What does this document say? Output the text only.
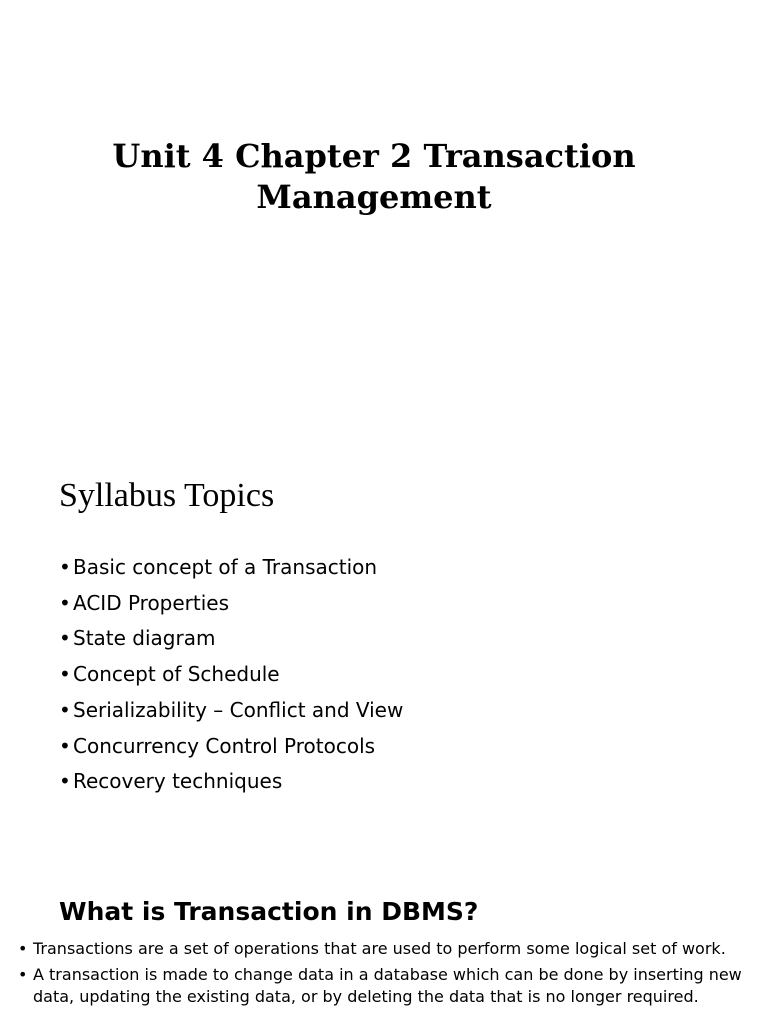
Unit 4 Chapter 2 Transaction
Management
Syllabus Topics
• Basic concept of a Transaction
• ACID Properties
• State diagram
• Concept of Schedule
• Serializability – Conflict and View
• Concurrency Control Protocols
• Recovery techniques
What is Transaction in DBMS?
• Transactions are a set of operations that are used to perform some logical set of work.
• A transaction is made to change data in a database which can be done by inserting new data, updating the existing data, or by deleting the data that is no longer required.
